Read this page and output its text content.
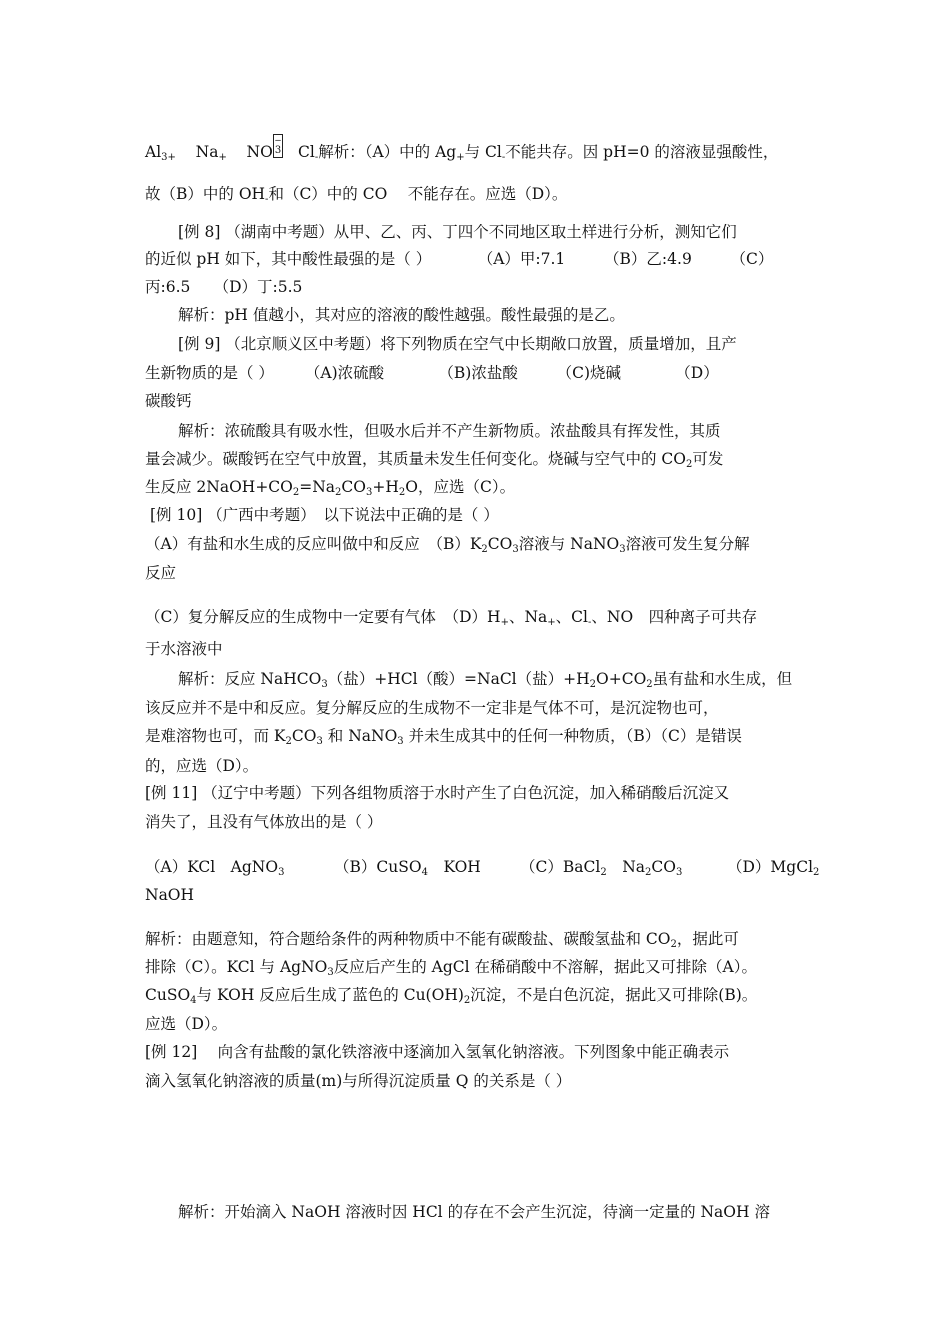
$Al_{3+}$ $Na_+$ NO‒
3 $Cl_-$解析：（A）中的 $Ag_+$与 $Cl_-$不能共存。因 pH=0 的溶液显强酸性，
故（B）中的 $OH_-$和（C）中的 CO　 不能存在。应选（D）。
[例 8] （湖南中考题）从甲、乙、丙、丁四个不同地区取土样进行分析，测知它们
的近似 pH 如下，其中酸性最强的是（ ）　　　　（A）甲:7.1　　　（B）乙:4.9　　　（C）
丙:6.5　　（D）丁:5.5
解析：pH 值越小，其对应的溶液的酸性越强。酸性最强的是乙。
[例 9] （北京顺义区中考题）将下列物质在空气中长期敞口放置，质量增加，且产
生新物质的是（ ）　　　（A)浓硫酸　　　　（B)浓盐酸　　　（C)烧碱　　　　（D）
碳酸钙
解析：浓硫酸具有吸水性，但吸水后并不产生新物质。浓盐酸具有挥发性，其质
量会减少。碳酸钙在空气中放置，其质量未发生任何变化。烧碱与空气中的 $CO_2$可发
生反应 $2NaOH+CO_2=Na_2CO_3+H_2O$，应选（C）。
[例 10] （广西中考题）　以下说法中正确的是（ ）
（A）有盐和水生成的反应叫做中和反应　$(B)K_2CO_3$溶液与 NaNO$_3$溶液可发生复分解
反应
（C）复分解反应的生成物中一定要有气体　$(D)H_+$、$Na_+$、$Cl_-$、NO　四种离子可共存
于水溶液中
解析：反应 NaHCO$_3$（盐）+HCl（酸）=NaCl（盐）$+H_2O+CO_2$虽有盐和水生成，但
该反应并不是中和反应。复分解反应的生成物不一定非是气体不可，是沉淀物也可，
是难溶物也可，而 $K_2CO_3$ 和 NaNO$_3$ 并未生成其中的任何一种物质，（B）（C）是错误
的，应选（D）。
[例 11] （辽宁中考题）下列各组物质溶于水时产生了白色沉淀，加入稀硝酸后沉淀又
消失了，且没有气体放出的是（ ）
（A）KCl　AgNO$_3$	（B）CuSO$_4$　KOH	（C）BaCl$_2$　$Na_2CO_3$	（D）MgCl$_2$
NaOH
解析：由题意知，符合题给条件的两种物质中不能有碳酸盐、碳酸氢盐和 $CO_2$，据此可
排除（C）。KCl 与 AgNO$_3$反应后产生的 AgCl 在稀硝酸中不溶解，据此又可排除（A）。
CuSO$_4$与 KOH 反应后生成了蓝色的 $Cu(OH)_2$沉淀，不是白色沉淀，据此又可排除(B)。
应选（D）。
[例 12]　 向含有盐酸的氯化铁溶液中逐滴加入氢氧化钠溶液。下列图象中能正确表示
滴入氢氧化钠溶液的质量(m)与所得沉淀质量 Q 的关系是（ ）
解析：开始滴入 NaOH 溶液时因 HCl 的存在不会产生沉淀，待滴一定量的 NaOH 溶
